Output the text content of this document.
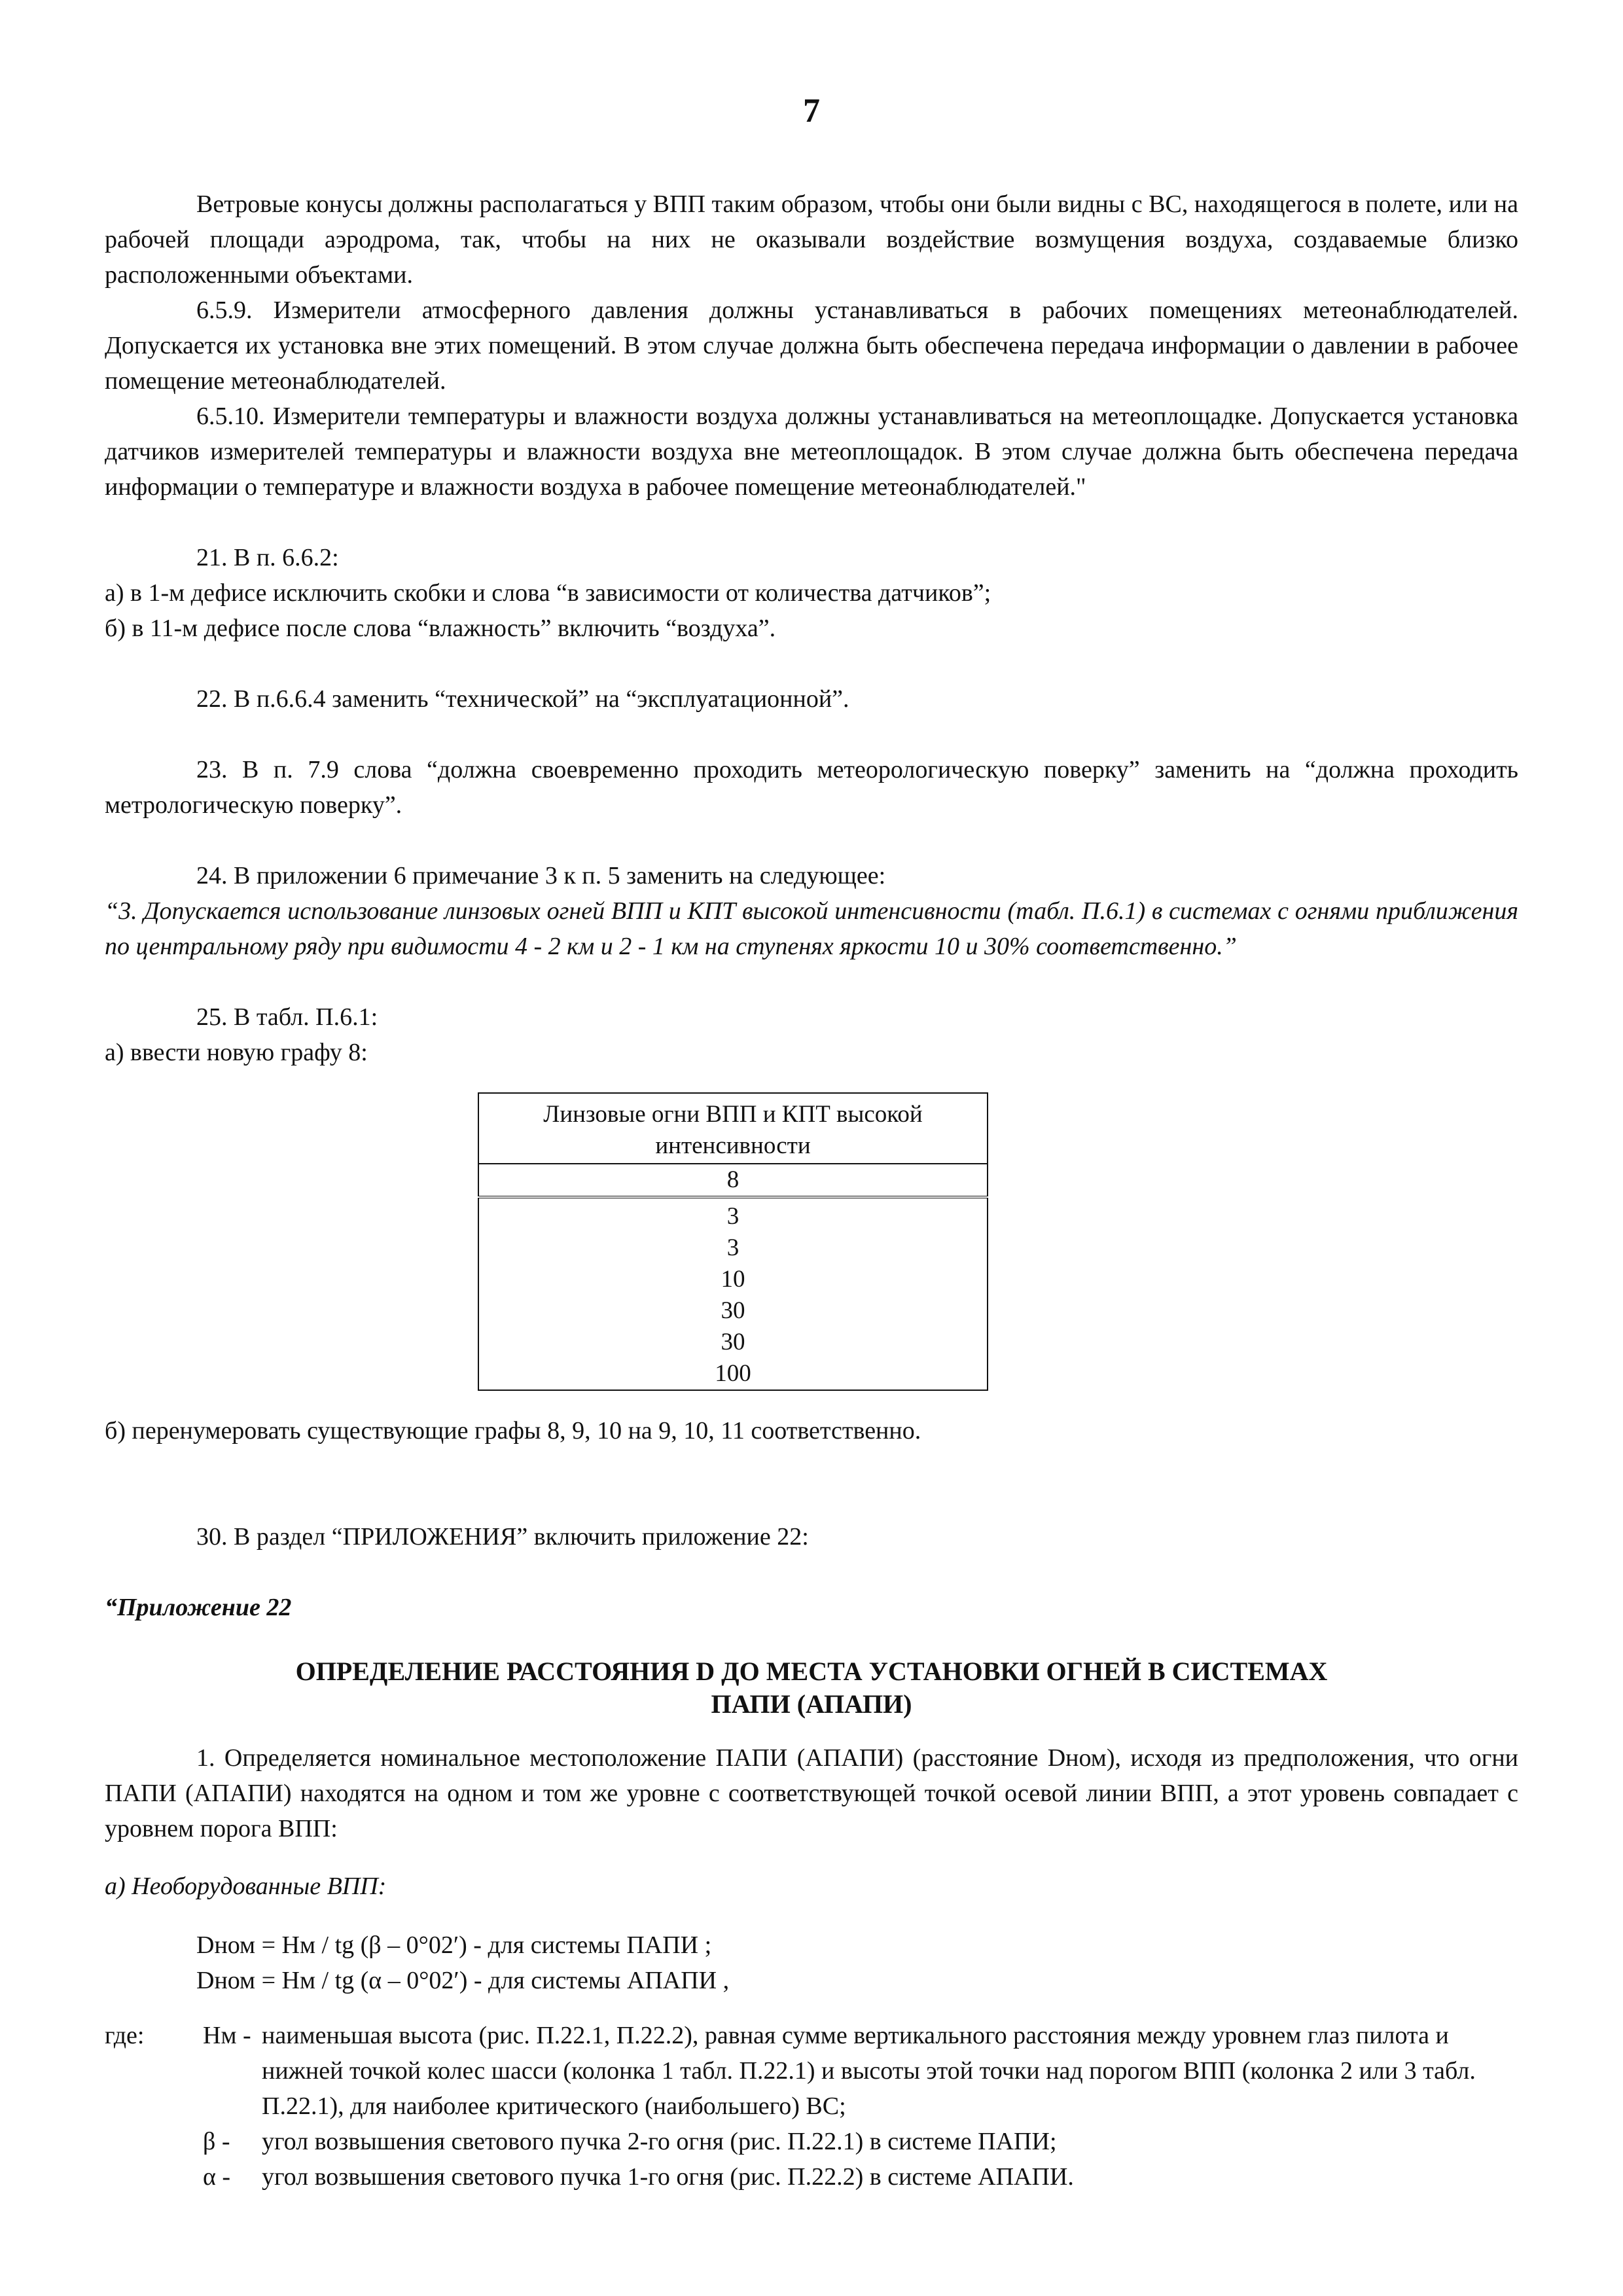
7

Ветровые конусы должны располагаться у ВПП таким образом, чтобы они были видны с ВС, находящегося в полете, или на рабочей площади аэродрома, так, чтобы на них не оказывали воздействие возмущения воздуха, создаваемые близко расположенными объектами.

6.5.9. Измерители атмосферного давления должны устанавливаться в рабочих помещениях метеонаблюдателей. Допускается их установка вне этих помещений. В этом случае должна быть обеспечена передача информации о давлении в рабочее помещение метеонаблюдателей.

6.5.10. Измерители температуры и влажности воздуха должны устанавливаться на метеоплощадке. Допускается установка датчиков измерителей температуры и влажности воздуха вне метеоплощадок. В этом случае должна быть обеспечена передача информации о температуре и влажности воздуха в рабочее помещение метеонаблюдателей."

21. В п. 6.6.2:

а) в 1-м дефисе исключить скобки и слова “в зависимости от количества датчиков”;

б) в 11-м дефисе после слова “влажность” включить “воздуха”.

22. В п.6.6.4 заменить “технической” на “эксплуатационной”.

23. В п. 7.9 слова “должна своевременно проходить метеорологическую поверку” заменить на “должна проходить метрологическую поверку”.

24. В приложении 6 примечание 3 к п. 5 заменить на следующее:

“3. Допускается использование линзовых огней ВПП и КПТ высокой интенсивности (табл. П.6.1) в системах с огнями приближения по центральному ряду при видимости 4 - 2 км и 2 - 1 км на ступенях яркости 10 и 30% соответственно.”

25. В табл. П.6.1:

а) ввести новую графу 8:

Линзовые огни ВПП и КПТ высокой интенсивности
8
3
3
10
30
30
100

б) перенумеровать существующие графы 8, 9, 10 на 9, 10, 11 соответственно.

30. В раздел “ПРИЛОЖЕНИЯ” включить приложение 22:

“Приложение 22

ОПРЕДЕЛЕНИЕ РАССТОЯНИЯ D ДО МЕСТА УСТАНОВКИ ОГНЕЙ В СИСТЕМАХ
ПАПИ (АПАПИ)

1. Определяется номинальное местоположение ПАПИ (АПАПИ) (расстояние Dном), исходя из предположения, что огни ПАПИ (АПАПИ) находятся на одном и том же уровне с соответствующей точкой осевой линии ВПП, а этот уровень совпадает с уровнем порога ВПП:

а) Необорудованные ВПП:

Dном = Hм / tg (β – 0°02′) - для системы ПАПИ ;

Dном = Hм / tg (α – 0°02′) - для системы АПАПИ ,

где:	Hм - наименьшая высота (рис. П.22.1, П.22.2), равная сумме вертикального расстояния между уровнем глаз пилота и нижней точкой колес шасси (колонка 1 табл. П.22.1) и высоты этой точки над порогом ВПП (колонка 2 или 3 табл. П.22.1), для наиболее критического (наибольшего) ВС;
β -	угол возвышения светового пучка 2-го огня (рис. П.22.1) в системе ПАПИ;
α -	угол возвышения светового пучка 1-го огня (рис. П.22.2) в системе АПАПИ.
